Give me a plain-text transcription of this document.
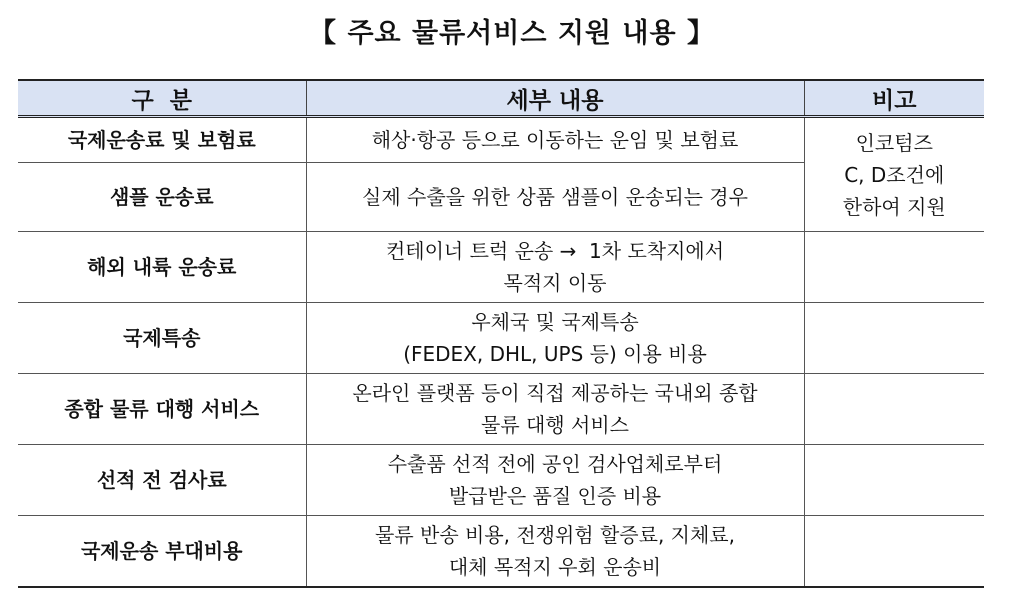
【 주요 물류서비스 지원 내용 】
구  분	세부 내용	비고
국제운송료 및 보험료	해상·항공 등으로 이동하는 운임 및 보험료	인코텀즈
C, D조건에
한하여 지원

샘플 운송료	실제 수출을 위한 상품 샘플이 운송되는 경우	

해외 내륙 운송료	컨테이너 트럭 운송 →  1차 도착지에서
목적지 이동	

국제특송	우체국 및 국제특송
(FEDEX, DHL, UPS 등) 이용 비용	

종합 물류 대행 서비스	온라인 플랫폼 등이 직접 제공하는 국내외 종합
물류 대행 서비스	

선적 전 검사료	수출품 선적 전에 공인 검사업체로부터
발급받은 품질 인증 비용	

국제운송 부대비용	물류 반송 비용, 전쟁위험 할증료, 지체료,
대체 목적지 우회 운송비	
